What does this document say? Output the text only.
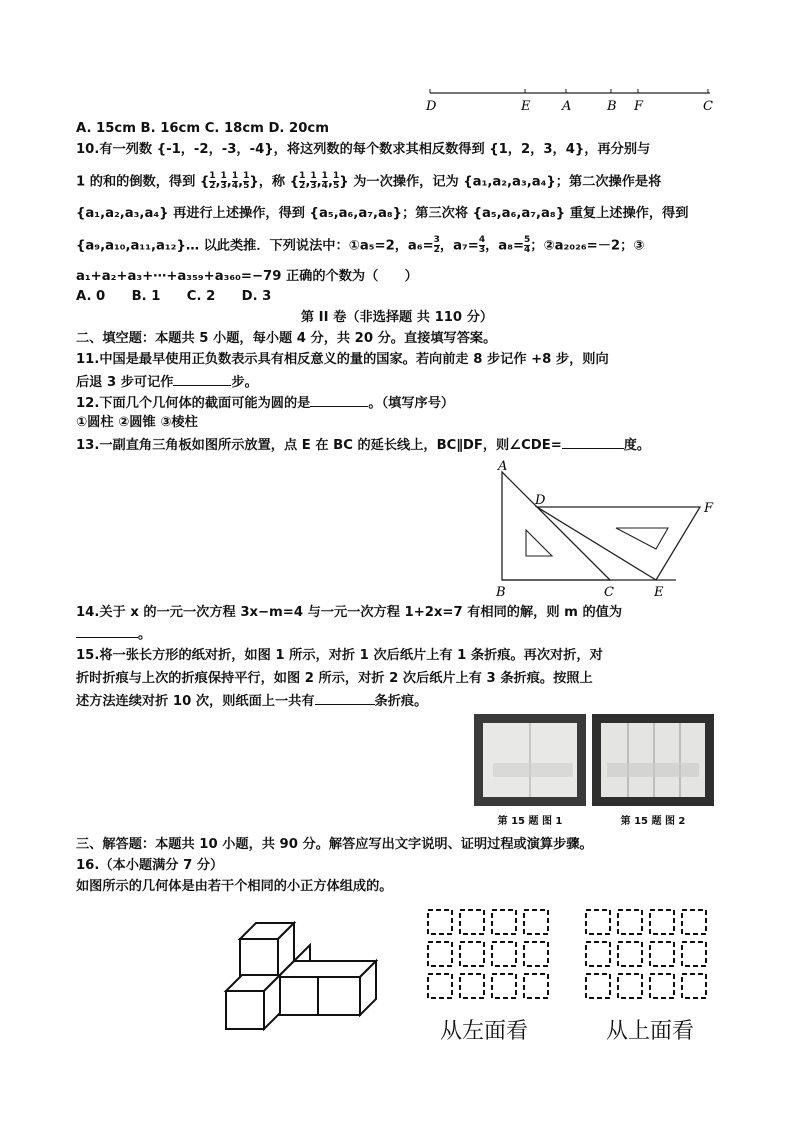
D	E A	B F	C
A. 15cm B. 16cm C. 18cm D. 20cm
10.有一列数 {-1，-2，-3，-4}，将这列数的每个数求其相反数得到 {1，2，3，4}，再分别与
1 的和的倒数，得到 { $\frac{1}{2}$ , $\frac{1}{3}$ , $\frac{1}{4}$ , $\frac{1}{5}$ }，称 { $\frac{1}{2}$ , $\frac{1}{3}$ , $\frac{1}{4}$ , $\frac{1}{5}$ } 为一次操作，记为 {a₁,a₂,a₃,a₄}；第二次操作是将
{a₁,a₂,a₃,a₄} 再进行上述操作，得到 {a₅,a₆,a₇,a₈}；第三次将 {a₅,a₆,a₇,a₈} 重复上述操作，得到
{a₉,a₁₀,a₁₁,a₁₂}… 以此类推．下列说法中：①a₅=2，$a_6= \frac{3}{2}$ ，$a_7= \frac{4}{3}$ ，$a_8= \frac{5}{4}$ ；②a₂₀₂₆=－2；③
a₁+a₂+a₃+⋯+a₃₅₉+a₃₆₀=−79 正确的个数为（　　）
A. 0　　B. 1　　C. 2　　D. 3
第 II 卷（非选择题 共 110 分）
二、填空题：本题共 5 小题，每小题 4 分，共 20 分。直接填写答案。
11.中国是最早使用正负数表示具有相反意义的量的国家。若向前走 8 步记作 +8 步，则向
后退 3 步可记作	步。
12.下面几个几何体的截面可能为圆的是	。（填写序号）
①圆柱 ②圆锥 ③棱柱
13.一副直角三角板如图所示放置，点 E 在 BC 的延长线上，BC∥DF，则∠CDE=	度。
A
D
F
B	C	E
14.关于 x 的一元一次方程 3x−m=4 与一元一次方程 1+2x=7 有相同的解，则 m 的值为
。
15.将一张长方形的纸对折，如图 1 所示，对折 1 次后纸片上有 1 条折痕。再次对折，对
折时折痕与上次的折痕保持平行，如图 2 所示，对折 2 次后纸片上有 3 条折痕。按照上
述方法连续对折 10 次，则纸面上一共有	条折痕。
第 15 题 图 1	第 15 题 图 2
三、解答题：本题共 10 小题，共 90 分。解答应写出文字说明、证明过程或演算步骤。
16.（本小题满分 7 分）
如图所示的几何体是由若干个相同的小正方体组成的。
从左面看	从上面看
